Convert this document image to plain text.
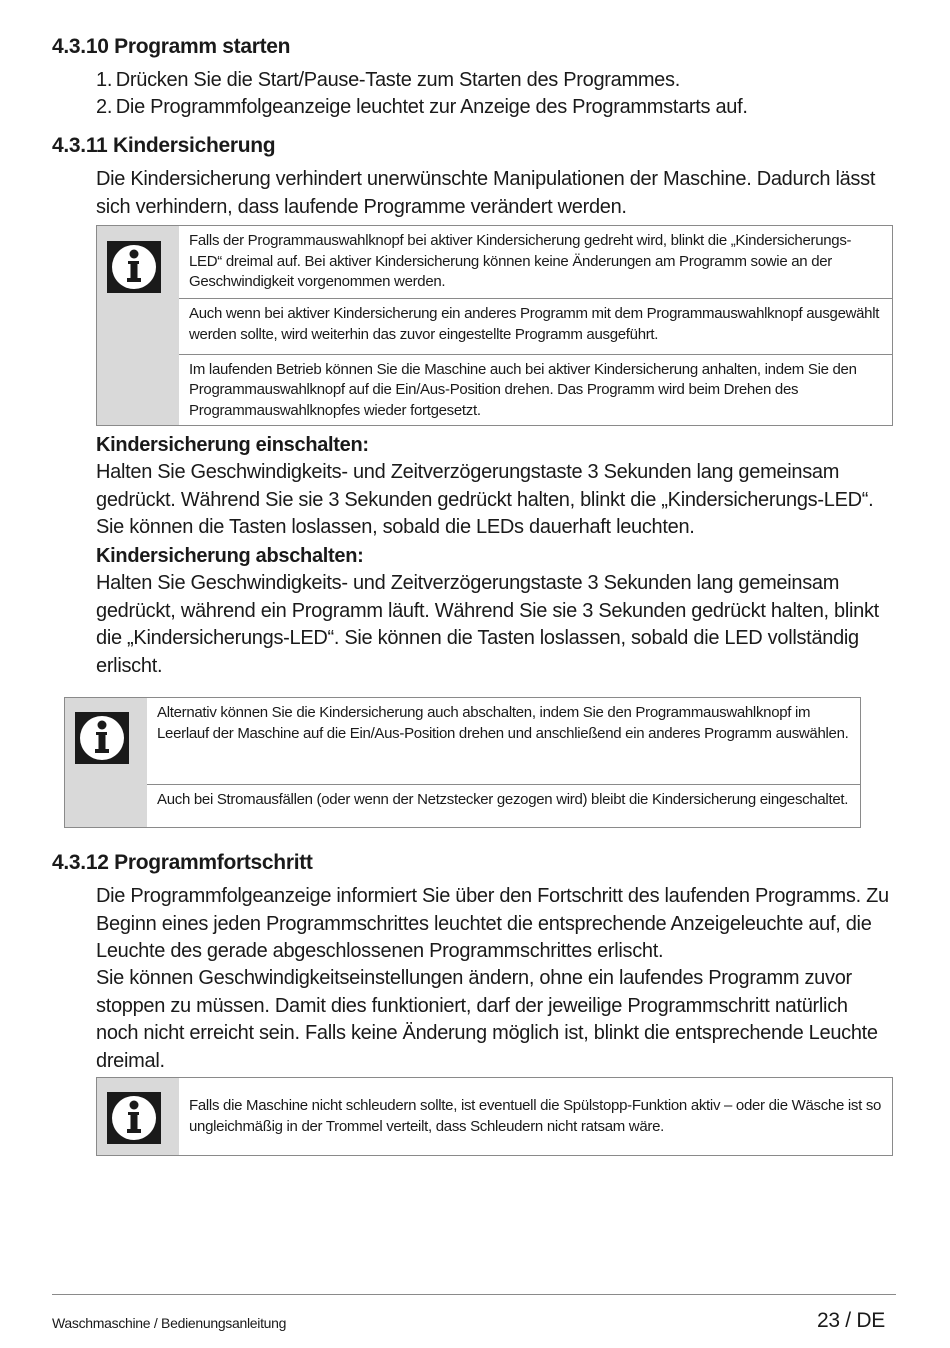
4.3.10 Programm starten
1. Drücken Sie die Start/Pause-Taste zum Starten des Programmes.
2. Die Programmfolgeanzeige leuchtet zur Anzeige des Programmstarts auf.
4.3.11 Kindersicherung

Die Kindersicherung verhindert unerwünschte Manipulationen der Maschine. Dadurch lässt sich verhindern, dass laufende Programme verändert werden.

Falls der Programmauswahlknopf bei aktiver Kindersicherung gedreht wird, blinkt die „Kindersicherungs-LED“ dreimal auf. Bei aktiver Kindersicherung können keine Änderungen am Programm sowie an der Geschwindigkeit vorgenommen werden.
Auch wenn bei aktiver Kindersicherung ein anderes Programm mit dem Programmauswahlknopf ausgewählt werden sollte, wird weiterhin das zuvor eingestellte Programm ausgeführt.
Im laufenden Betrieb können Sie die Maschine auch bei aktiver Kindersicherung anhalten, indem Sie den Programmauswahlknopf auf die Ein/Aus-Position drehen. Das Programm wird beim Drehen des Programmauswahlknopfes wieder fortgesetzt.
Kindersicherung einschalten:

Halten Sie Geschwindigkeits- und Zeitverzögerungstaste 3 Sekunden lang gemeinsam gedrückt. Während Sie sie 3 Sekunden gedrückt halten, blinkt die „Kindersicherungs-LED“. Sie können die Tasten loslassen, sobald die LEDs dauerhaft leuchten.

Kindersicherung abschalten:

Halten Sie Geschwindigkeits- und Zeitverzögerungstaste 3 Sekunden lang gemeinsam gedrückt, während ein Programm läuft. Während Sie sie 3 Sekunden gedrückt halten, blinkt die „Kindersicherungs-LED“. Sie können die Tasten loslassen, sobald die LED vollständig erlischt.

Alternativ können Sie die Kindersicherung auch abschalten, indem Sie den Programmauswahlknopf im Leerlauf der Maschine auf die Ein/Aus-Position drehen und anschließend ein anderes Programm auswählen.
Auch bei Stromausfällen (oder wenn der Netzstecker gezogen wird) bleibt die Kindersicherung eingeschaltet.
4.3.12 Programmfortschritt

Die Programmfolgeanzeige informiert Sie über den Fortschritt des laufenden Programms. Zu Beginn eines jeden Programmschrittes leuchtet die entsprechende Anzeigeleuchte auf, die Leuchte des gerade abgeschlossenen Programmschrittes erlischt.

Sie können Geschwindigkeitseinstellungen ändern, ohne ein laufendes Programm zuvor stoppen zu müssen. Damit dies funktioniert, darf der jeweilige Programmschritt natürlich noch nicht erreicht sein. Falls keine Änderung möglich ist, blinkt die entsprechende Leuchte dreimal.

Falls die Maschine nicht schleudern sollte, ist eventuell die Spülstopp-Funktion aktiv – oder die Wäsche ist so ungleichmäßig in der Trommel verteilt, dass Schleudern nicht ratsam wäre.
Waschmaschine / Bedienungsanleitung	23 / DE
